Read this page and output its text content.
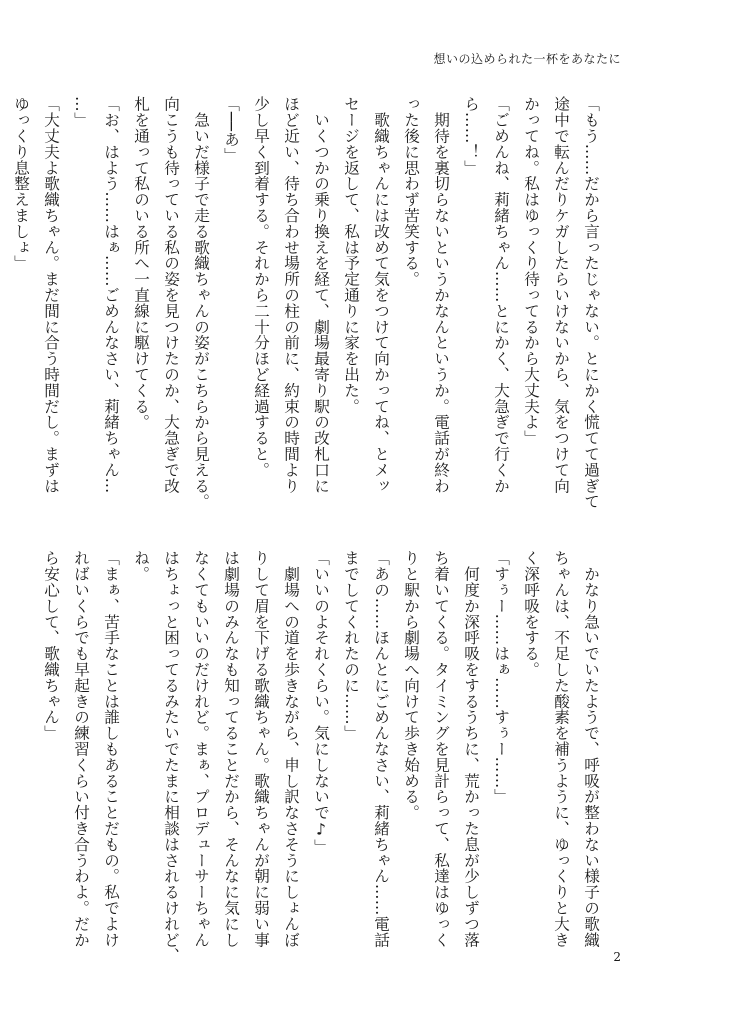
想いの込められた一杯をあなたに
「もう……だから言ったじゃない。とにかく慌てて過ぎて
途中で転んだりケガしたらいけないから、気をつけて向
かってね。私はゆっくり待ってるから大丈夫よ」
「ごめんね、莉緒ちゃん……とにかく、大急ぎで行くか
ら……！」
　期待を裏切らないというかなんというか。電話が終わ
った後に思わず苦笑する。
　歌織ちゃんには改めて気をつけて向かってね、とメッ
セージを返して、私は予定通りに家を出た。
　いくつかの乗り換えを経て、劇場最寄り駅の改札口に
ほど近い、待ち合わせ場所の柱の前に、約束の時間より
少し早く到着する。それから二十分ほど経過すると。
「──あ」
　急いだ様子で走る歌織ちゃんの姿がこちらから見える。
向こうも待っている私の姿を見つけたのか、大急ぎで改
札を通って私のいる所へ一直線に駆けてくる。
「お、はよう……はぁ……ごめんなさい、莉緒ちゃん…
…」
「大丈夫よ歌織ちゃん。まだ間に合う時間だし。まずは
ゆっくり息整えましょ」
　かなり急いでいたようで、呼吸が整わない様子の歌織
ちゃんは、不足した酸素を補うように、ゆっくりと大き
く深呼吸をする。
「すぅー……はぁ……すぅー……」
　何度か深呼吸をするうちに、荒かった息が少しずつ落
ち着いてくる。タイミングを見計らって、私達はゆっく
りと駅から劇場へ向けて歩き始める。
「あの……ほんとにごめんなさい、莉緒ちゃん……電話
までしてくれたのに……」
「いいのよそれくらい。気にしないで♪」
　劇場への道を歩きながら、申し訳なさそうにしょんぼ
りして眉を下げる歌織ちゃん。歌織ちゃんが朝に弱い事
は劇場のみんなも知ってることだから、そんなに気にし
なくてもいいのだけれど。まぁ、プロデューサーちゃん
はちょっと困ってるみたいでたまに相談はされるけれど、
ね。
「まぁ、苦手なことは誰しもあることだもの。私でよけ
ればいくらでも早起きの練習くらい付き合うわよ。だか
ら安心して、歌織ちゃん」
2
